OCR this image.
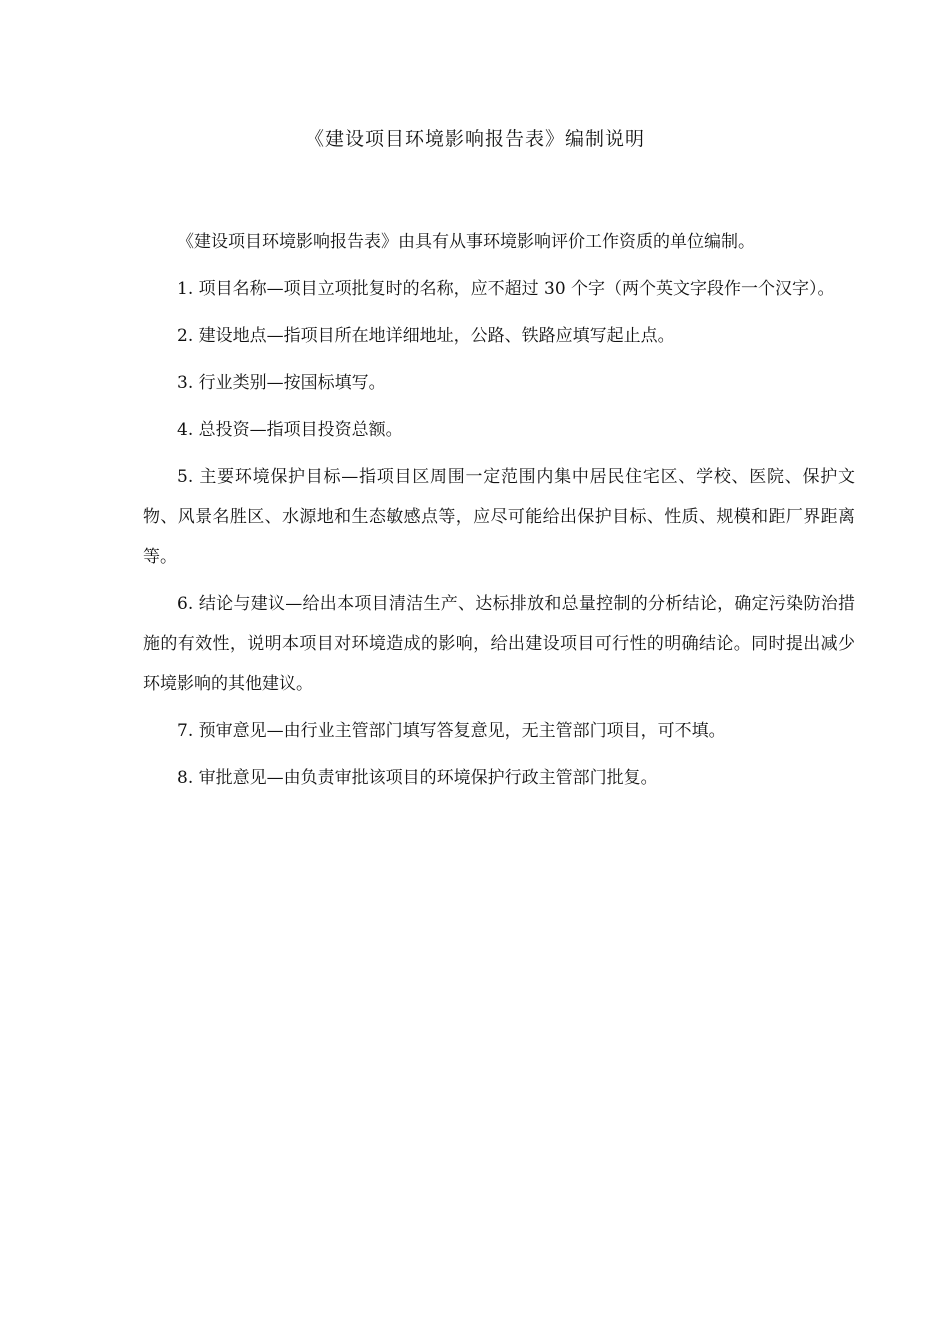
《建设项目环境影响报告表》编制说明

《建设项目环境影响报告表》由具有从事环境影响评价工作资质的单位编制。

1. 项目名称—项目立项批复时的名称，应不超过 30 个字（两个英文字段作一个汉字）。

2. 建设地点—指项目所在地详细地址，公路、铁路应填写起止点。

3. 行业类别—按国标填写。

4. 总投资—指项目投资总额。

5. 主要环境保护目标—指项目区周围一定范围内集中居民住宅区、学校、医院、保护文物、风景名胜区、水源地和生态敏感点等，应尽可能给出保护目标、性质、规模和距厂界距离等。

6. 结论与建议—给出本项目清洁生产、达标排放和总量控制的分析结论，确定污染防治措施的有效性，说明本项目对环境造成的影响，给出建设项目可行性的明确结论。同时提出减少环境影响的其他建议。

7. 预审意见—由行业主管部门填写答复意见，无主管部门项目，可不填。

8. 审批意见—由负责审批该项目的环境保护行政主管部门批复。
